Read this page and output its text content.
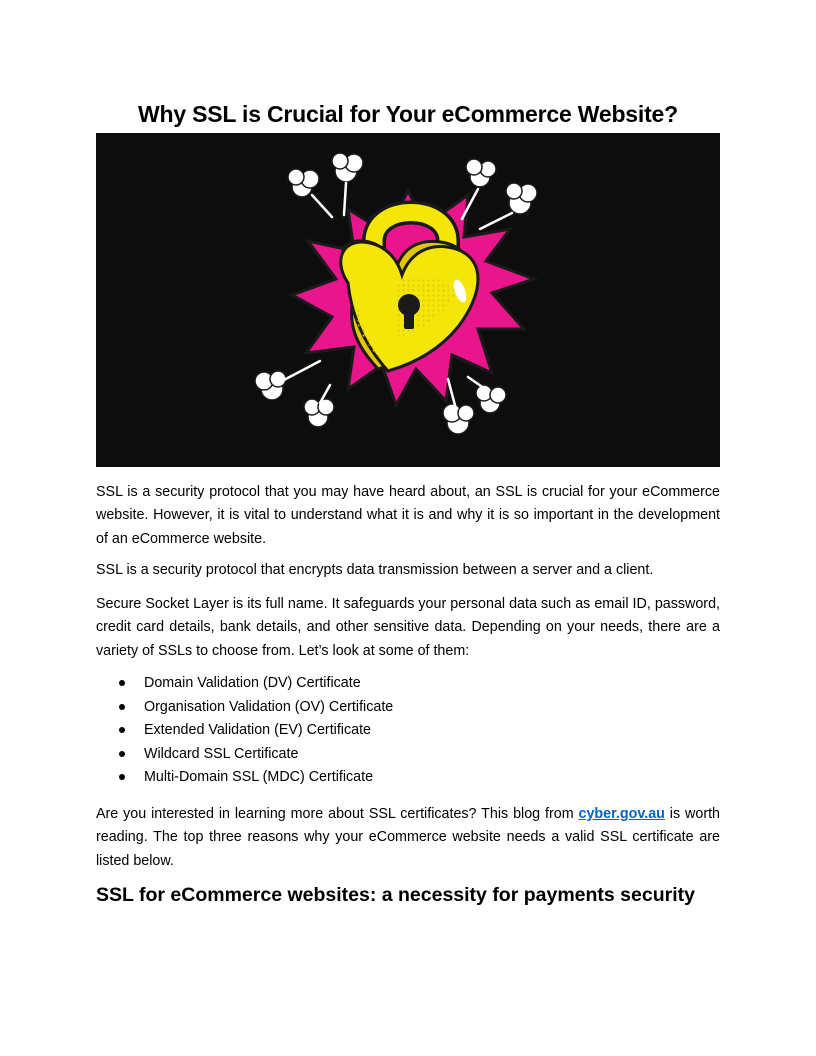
Why SSL is Crucial for Your eCommerce Website?

SSL is a security protocol that you may have heard about, an SSL is crucial for your eCommerce website. However, it is vital to understand what it is and why it is so important in the development of an eCommerce website.

SSL is a security protocol that encrypts data transmission between a server and a client.

Secure Socket Layer is its full name. It safeguards your personal data such as email ID, password, credit card details, bank details, and other sensitive data. Depending on your needs, there are a variety of SSLs to choose from. Let’s look at some of them:

Domain Validation (DV) Certificate
Organisation Validation (OV) Certificate
Extended Validation (EV) Certificate
Wildcard SSL Certificate
Multi-Domain SSL (MDC) Certificate

Are you interested in learning more about SSL certificates? This blog from cyber.gov.au is worth reading. The top three reasons why your eCommerce website needs a valid SSL certificate are listed below.

SSL for eCommerce websites: a necessity for payments security
